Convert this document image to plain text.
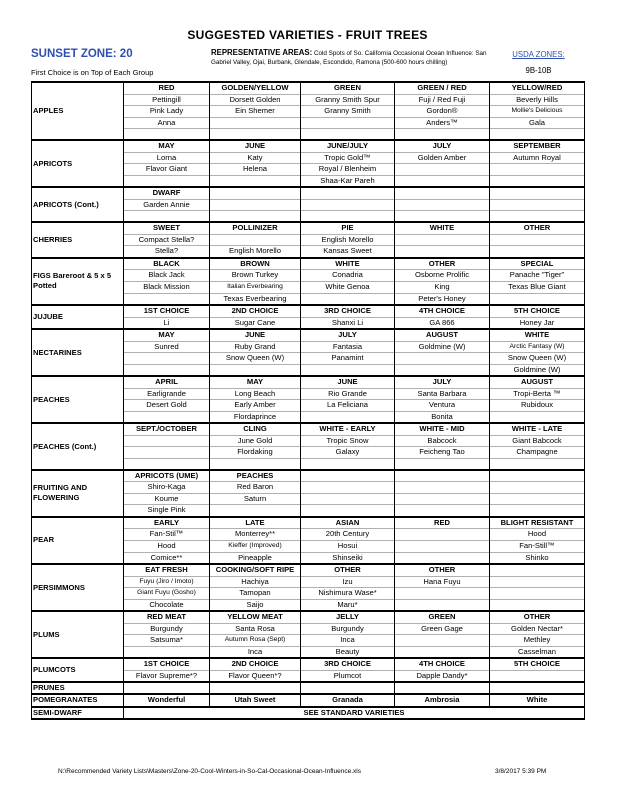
SUGGESTED VARIETIES - FRUIT TREES
SUNSET ZONE: 20
First Choice is on Top of Each Group
REPRESENTATIVE AREAS: Cold Spots of So. California Occasional Ocean Influence: San Gabriel Valley, Ojai, Burbank, Glendale, Escondido, Ramona (500-600 hours chilling)
USDA ZONES:
9B-10B
APPLES	RED	GOLDEN/YELLOW	GREEN	GREEN / RED	YELLOW/RED
	Pettingill	Dorsett Golden	Granny Smith Spur	Fuji / Red Fuji	Beverly Hills
	Pink Lady	Ein Shemer	Granny Smith	Gordon®	Mollie's Delicious
	Anna			Anders™	Gala

APRICOTS	MAY	JUNE	JUNE/JULY	JULY	SEPTEMBER
	Lorna	Katy	Tropic Gold™	Golden Amber	Autumn Royal
	Flavor Giant	Helena	Royal / Blenheim		
			Shaa-Kar Pareh		
APRICOTS (Cont.)	DWARF				
	Garden Annie				

CHERRIES	SWEET	POLLINIZER	PIE	WHITE	OTHER
	Compact Stella?		English Morello		
	Stella?	English Morello	Kansas Sweet		
FIGS Bareroot & 5 x 5 Potted	BLACK	BROWN	WHITE	OTHER	SPECIAL
	Black Jack	Brown Turkey	Conadria	Osborne Prolific	Panache "Tiger"
	Black Mission	Italian Everbearing	White Genoa	King	Texas Blue Giant
		Texas Everbearing		Peter's Honey	
JUJUBE	1ST CHOICE	2ND CHOICE	3RD CHOICE	4TH CHOICE	5TH CHOICE
	Li	Sugar Cane	Shanxi Li	GA 866	Honey Jar
NECTARINES	MAY	JUNE	JULY	AUGUST	WHITE
	Sunred	Ruby Grand	Fantasia	Goldmine (W)	Arctic Fantasy (W)
		Snow Queen (W)	Panamint		Snow Queen (W)
					Goldmine (W)
PEACHES	APRIL	MAY	JUNE	JULY	AUGUST
	Earligrande	Long Beach	Rio Grande	Santa Barbara	Tropi-Berta ™
	Desert Gold	Early Amber	La Feliciana	Ventura	Rubidoux
		Flordaprince		Bonita	
PEACHES (Cont.)	SEPT./OCTOBER	CLING	WHITE - EARLY	WHITE - MID	WHITE - LATE
		June Gold	Tropic Snow	Babcock	Giant Babcock
		Flordaking	Galaxy	Feicheng Tao	Champagne

FRUITING AND FLOWERING	APRICOTS (UME)	PEACHES			
	Shiro-Kaga	Red Baron			
	Koume	Saturn			
	Single Pink				
PEAR	EARLY	LATE	ASIAN	RED	BLIGHT RESISTANT
	Fan-Stil™	Monterrey**	20th Century		Hood
	Hood	Kieffer (Improved)	Hosui		Fan-Still™
	Comice**	Pineapple	Shinseiki		Shinko
PERSIMMONS	EAT FRESH	COOKING/SOFT RIPE	OTHER	OTHER	
	Fuyu (Jiro / Imoto)	Hachiya	Izu	Hana Fuyu	
	Giant Fuyu (Gosho)	Tamopan	Nishimura Wase*		
	Chocolate	Saijo	Maru*		
PLUMS	RED MEAT	YELLOW MEAT	JELLY	GREEN	OTHER
	Burgundy	Santa Rosa	Burgundy	Green Gage	Golden Nectar*
	Satsuma*	Autumn Rosa (Sept)	Inca		Methley
		Inca	Beauty		Casselman
PLUMCOTS	1ST CHOICE	2ND CHOICE	3RD CHOICE	4TH CHOICE	5TH CHOICE
	Flavor Supreme*?	Flavor Queen*?	Plumcot	Dapple Dandy*	
PRUNES					
POMEGRANATES	Wonderful	Utah Sweet	Granada	Ambrosia	White
SEMI-DWARF	SEE STANDARD VARIETIES				
N:\Recommended Variety Lists\Masters\Zone-20-Cool-Winters-in-So-Cal-Occasional-Ocean-Influence.xls	3/8/2017 5:39 PM
